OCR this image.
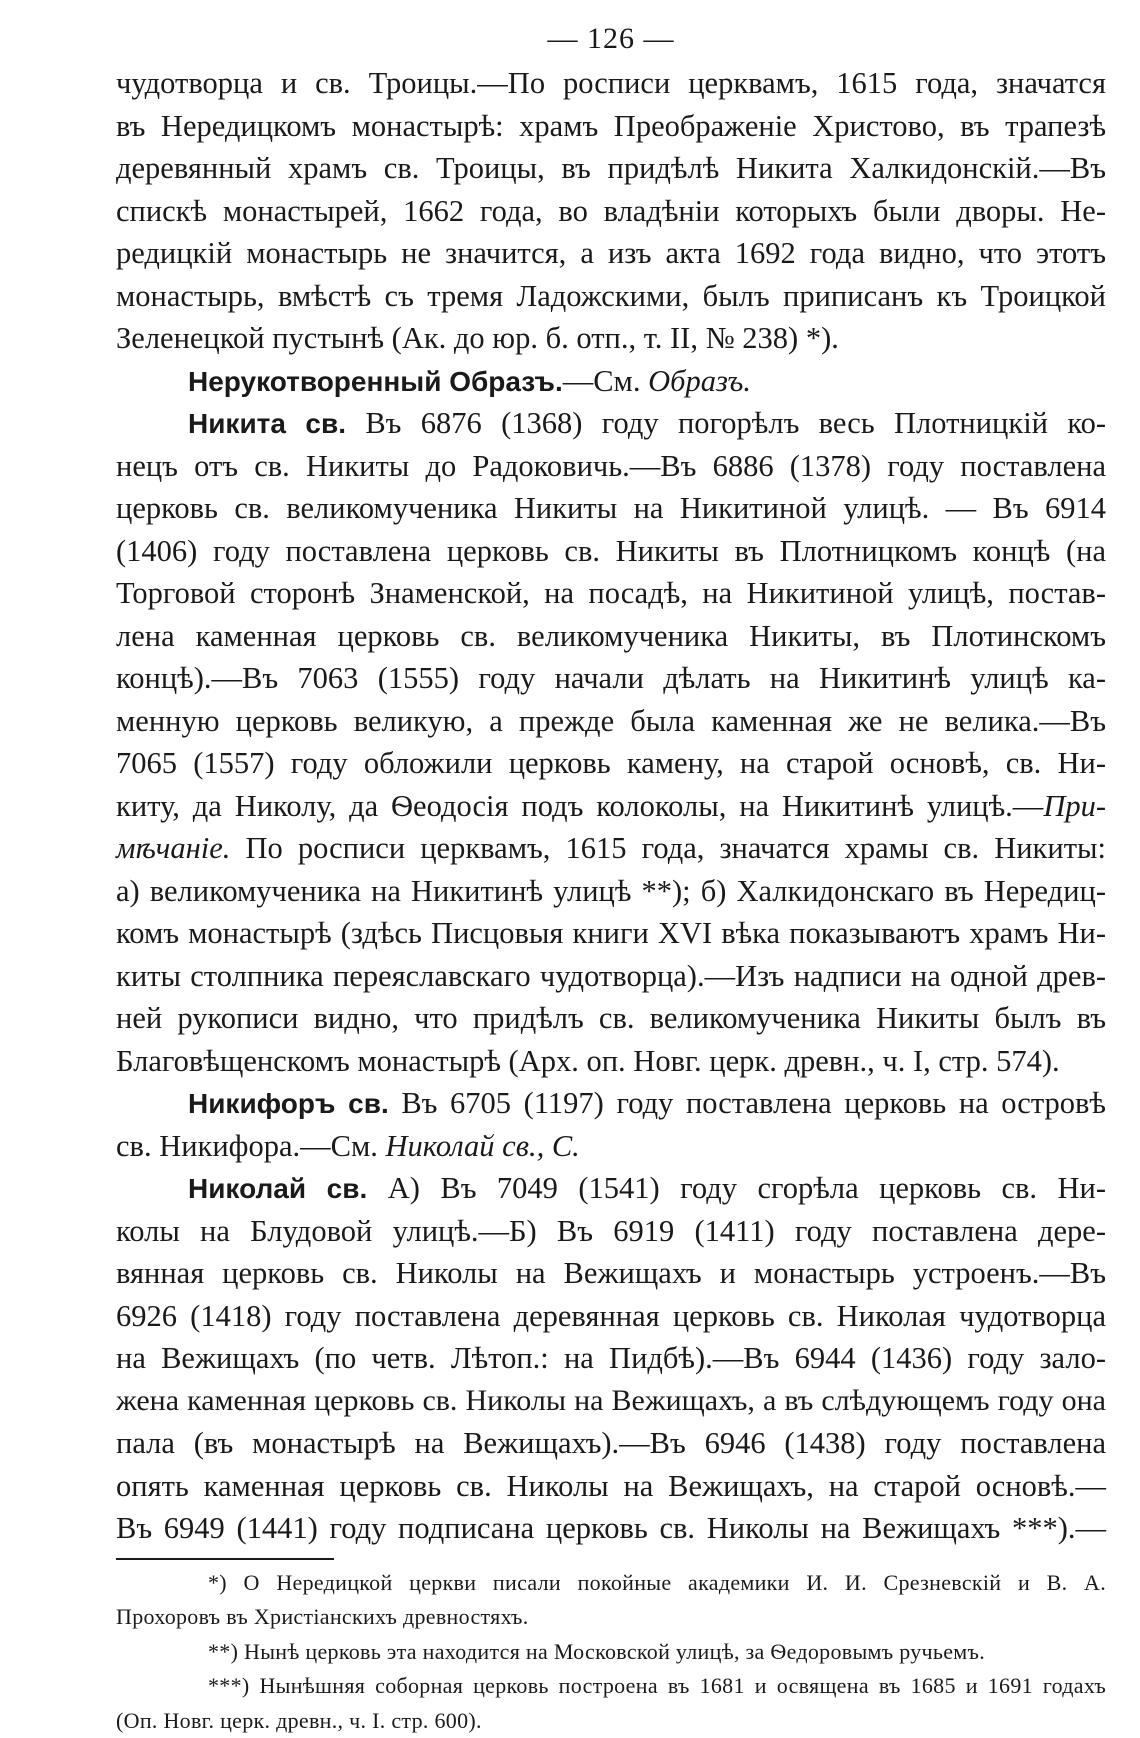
— 126 —
чудотворца и св. Троицы.—По росписи церквамъ, 1615 года, значатся
въ Нередицкомъ монастырѣ: храмъ Преображеніе Христово, въ трапезѣ
деревянный храмъ св. Троицы, въ придѣлѣ Никита Халкидонскій.—Въ
спискѣ монастырей, 1662 года, во владѣніи которыхъ были дворы. Не-
редицкій монастырь не значится, а изъ акта 1692 года видно, что этотъ
монастырь, вмѣстѣ съ тремя Ладожскими, былъ приписанъ къ Троицкой
Зеленецкой пустынѣ (Ак. до юр. б. отп., т. II, № 238) *).
Нерукотворенный Образъ.—См. Образъ.
Никита св. Въ 6876 (1368) году погорѣлъ весь Плотницкій ко-
нецъ отъ св. Никиты до Радоковичь.—Въ 6886 (1378) году поставлена
церковь св. великомученика Никиты на Никитиной улицѣ. — Въ 6914
(1406) году поставлена церковь св. Никиты въ Плотницкомъ концѣ (на
Торговой сторонѣ Знаменской, на посадѣ, на Никитиной улицѣ, постав-
лена каменная церковь св. великомученика Никиты, въ Плотинскомъ
концѣ).—Въ 7063 (1555) году начали дѣлать на Никитинѣ улицѣ ка-
менную церковь великую, а прежде была каменная же не велика.—Въ
7065 (1557) году обложили церковь камену, на старой основѣ, св. Ни-
киту, да Николу, да Ѳеодосія подъ колоколы, на Никитинѣ улицѣ.—При-
мѣчаніе. По росписи церквамъ, 1615 года, значатся храмы св. Никиты:
а) великомученика на Никитинѣ улицѣ **); б) Халкидонскаго въ Нередиц-
комъ монастырѣ (здѣсь Писцовыя книги XVI вѣка показываютъ храмъ Ни-
киты столпника переяславскаго чудотворца).—Изъ надписи на одной древ-
ней рукописи видно, что придѣлъ св. великомученика Никиты былъ въ
Благовѣщенскомъ монастырѣ (Арх. оп. Новг. церк. древн., ч. I, стр. 574).
Никифоръ св. Въ 6705 (1197) году поставлена церковь на островѣ
св. Никифора.—См. Николай св., С.
Николай св. А) Въ 7049 (1541) году сгорѣла церковь св. Ни-
колы на Блудовой улицѣ.—Б) Въ 6919 (1411) году поставлена дере-
вянная церковь св. Николы на Вежищахъ и монастырь устроенъ.—Въ
6926 (1418) году поставлена деревянная церковь св. Николая чудотворца
на Вежищахъ (по четв. Лѣтоп.: на Пидбѣ).—Въ 6944 (1436) году зало-
жена каменная церковь св. Николы на Вежищахъ, а въ слѣдующемъ году она
пала (въ монастырѣ на Вежищахъ).—Въ 6946 (1438) году поставлена
опять каменная церковь св. Николы на Вежищахъ, на старой основѣ.—
Въ 6949 (1441) году подписана церковь св. Николы на Вежищахъ ***).—
*) О Нередицкой церкви писали покойные академики И. И. Срезневскій и В. А.
Прохоровъ въ Христіанскихъ древностяхъ.
**) Нынѣ церковь эта находится на Московской улицѣ, за Ѳедоровымъ ручьемъ.
***) Нынѣшняя соборная церковь построена въ 1681 и освящена въ 1685 и 1691 годахъ
(Оп. Новг. церк. древн., ч. I. стр. 600).
